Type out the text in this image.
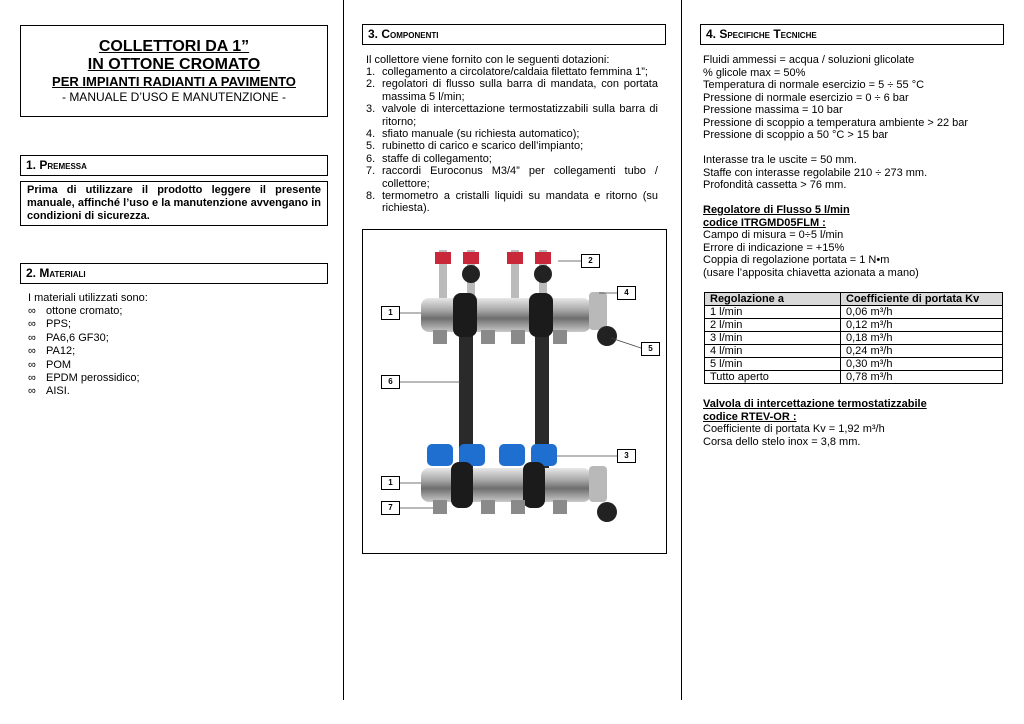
COLLETTORI DA 1”
IN OTTONE CROMATO
PER IMPIANTI RADIANTI A PAVIMENTO
- MANUALE D’USO E MANUTENZIONE -
1. Premessa
Prima di utilizzare il prodotto leggere il presente manuale, affinché l’uso e la manutenzione avvengano in condizioni di sicurezza.
2. Materiali
I materiali utilizzati sono:
∞ ottone cromato;
∞ PPS;
∞ PA6,6 GF30;
∞ PA12;
∞ POM
∞ EPDM perossidico;
∞ AISI.
3. Componenti
Il collettore viene fornito con le seguenti dotazioni:
1. collegamento a circolatore/caldaia filettato femmina 1”;
2. regolatori di flusso sulla barra di mandata, con portata massima 5 l/min;
3. valvole di intercettazione termostatizzabili sulla barra di ritorno;
4. sfiato manuale (su richiesta automatico);
5. rubinetto di carico e scarico dell’impianto;
6. staffe di collegamento;
7. raccordi Euroconus M3/4” per collegamenti tubo / collettore;
8. termometro a cristalli liquidi su mandata e ritorno (su richiesta).
1
2
4
5
6
3
1
7
4. Specifiche Tecniche
Fluidi ammessi = acqua / soluzioni glicolate
% glicole max = 50%
Temperatura di normale esercizio = 5 ÷ 55 °C
Pressione di normale esercizio = 0 ÷ 6 bar
Pressione massima = 10 bar
Pressione di scoppio a temperatura ambiente > 22 bar
Pressione di scoppio a 50 °C > 15 bar
Interasse tra le uscite = 50 mm.
Staffe con interasse regolabile 210 ÷ 273 mm.
Profondità cassetta > 76 mm.
Regolatore di Flusso 5 l/min
codice ITRGMD05FLM :
Campo di misura = 0÷5 l/min
Errore di indicazione = +15%
Coppia di regolazione portata = 1 N•m
(usare l’apposita chiavetta azionata a mano)
Regolazione a	Coefficiente di portata Kv
1 l/min	0,06 m³/h
2 l/min	0,12 m³/h
3 l/min	0,18 m³/h
4 l/min	0,24 m³/h
5 l/min	0,30 m³/h
Tutto aperto	0,78 m³/h
Valvola di intercettazione termostatizzabile
codice RTEV-OR :
Coefficiente di portata Kv = 1,92 m³/h
Corsa dello stelo inox = 3,8 mm.
